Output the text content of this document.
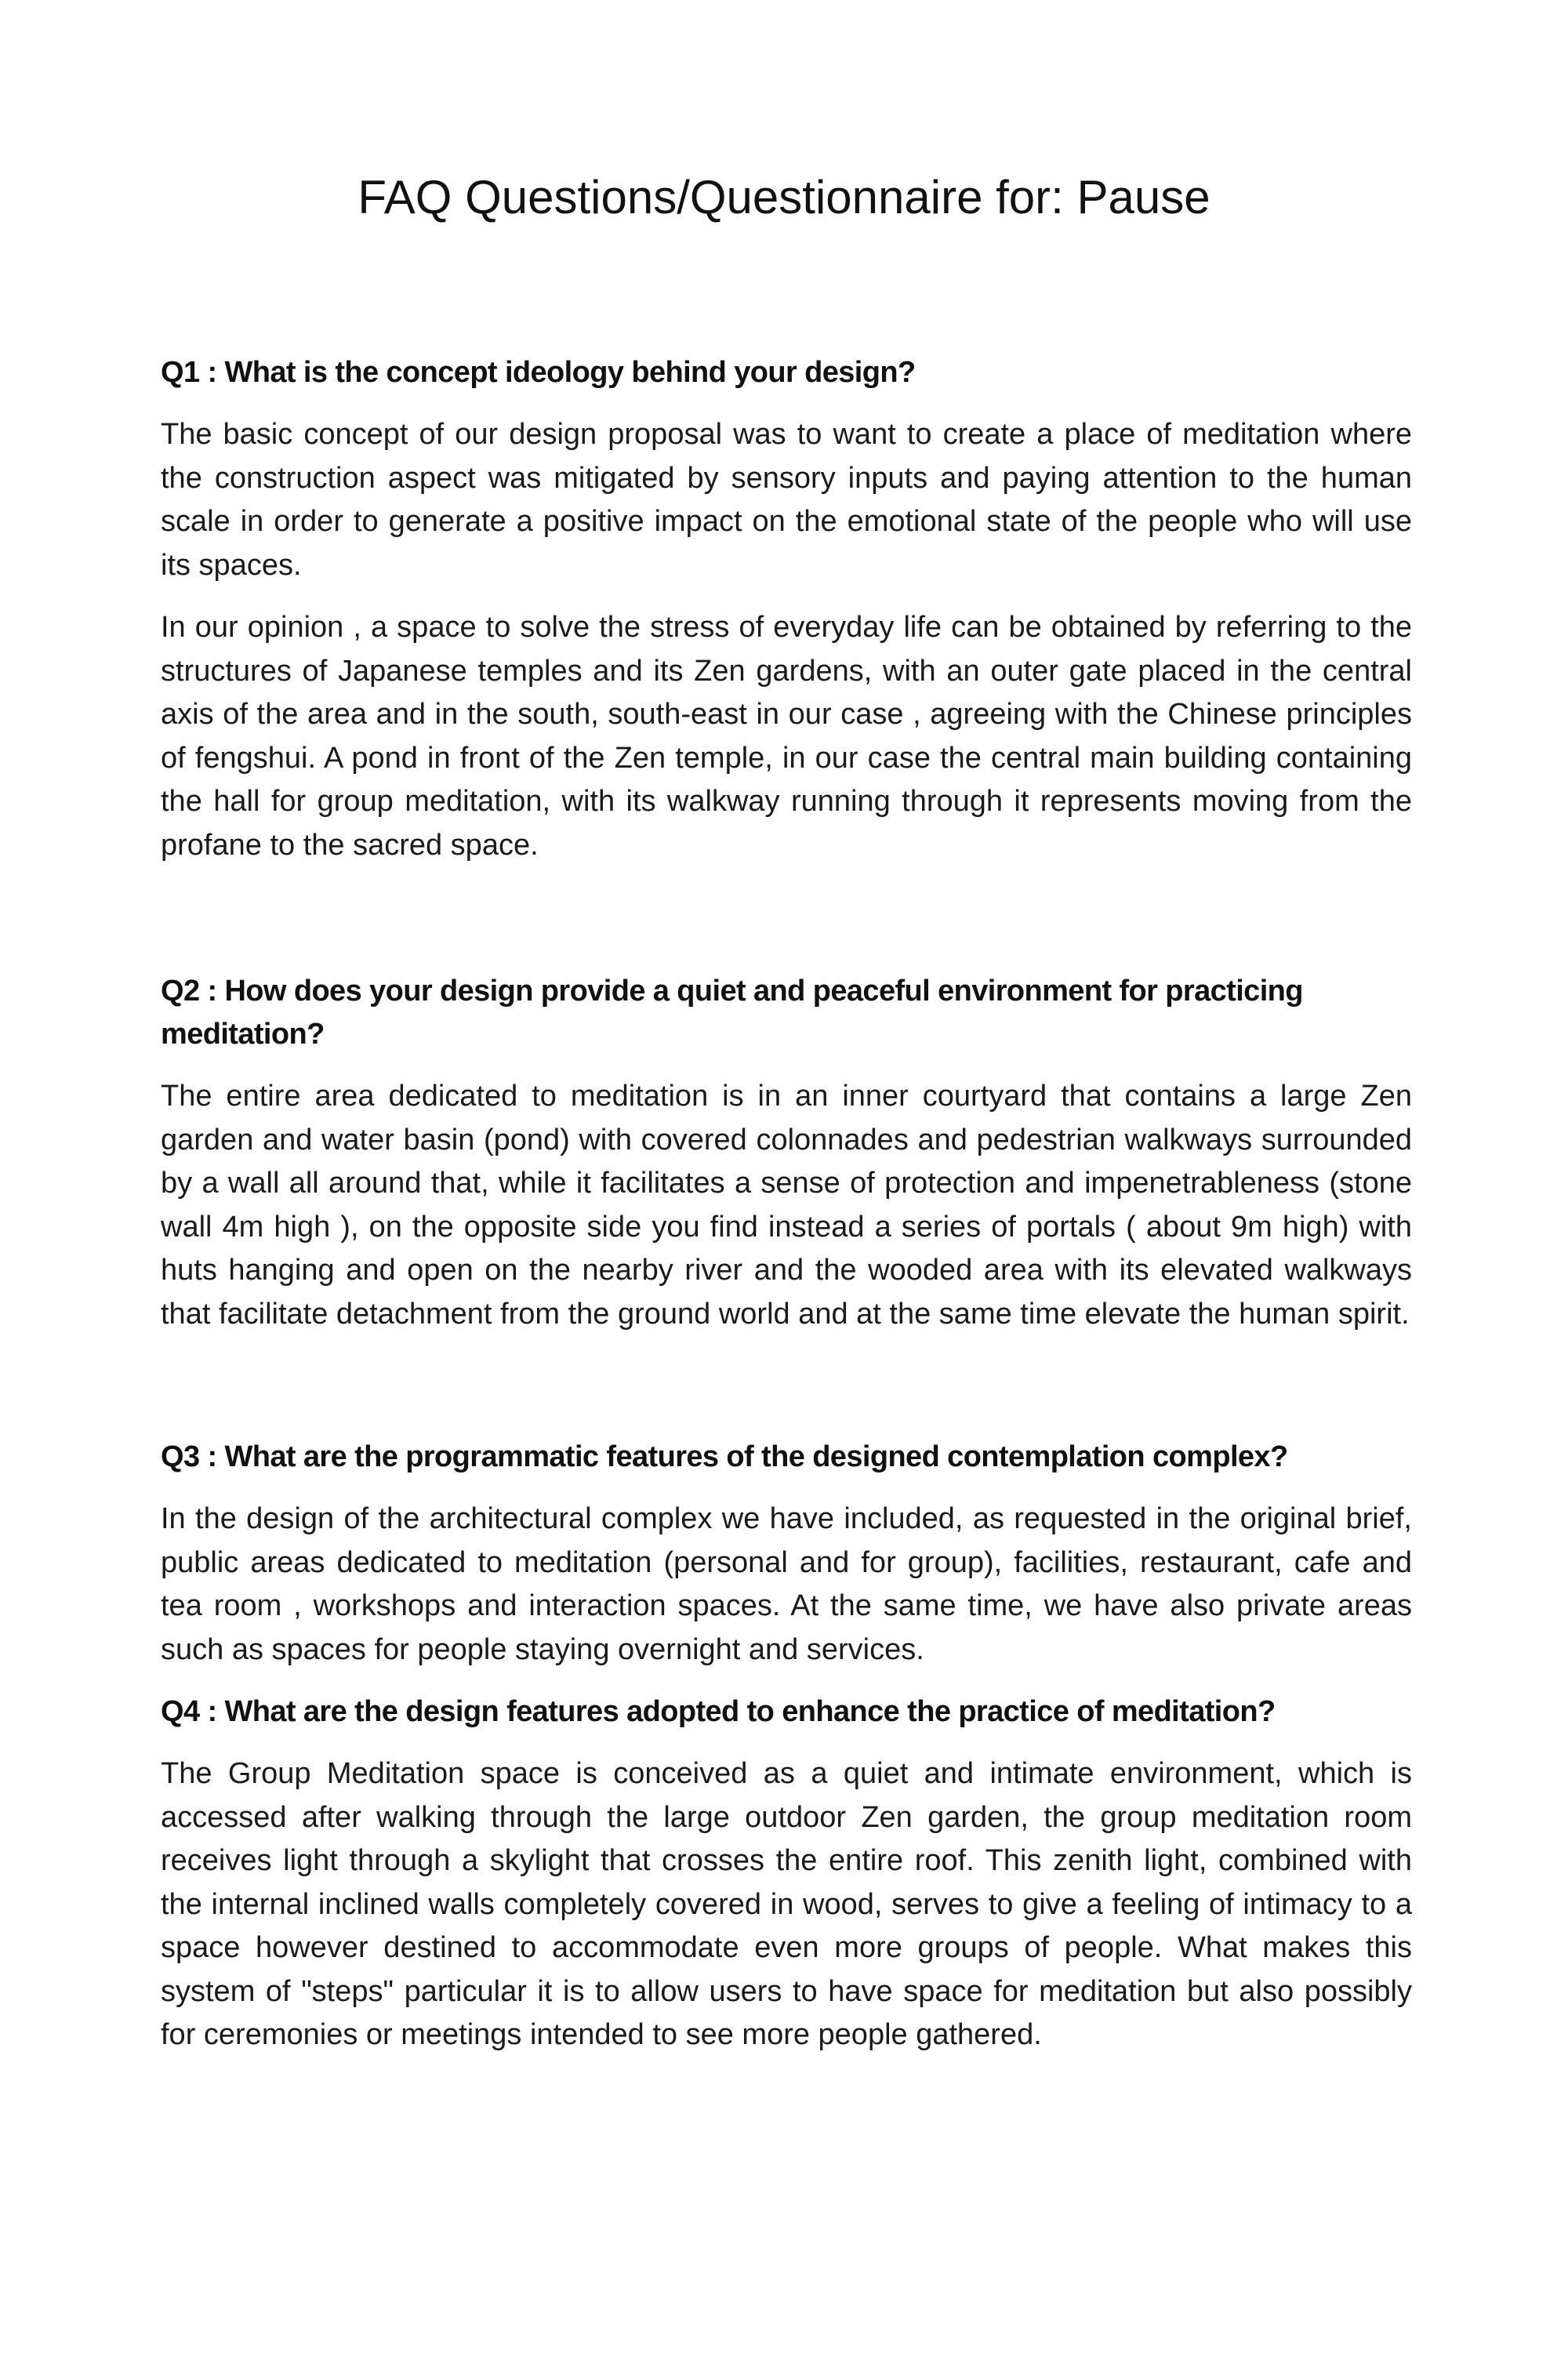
FAQ Questions/Questionnaire for: Pause

Q1 : What is the concept ideology behind your design?

The basic concept of our design proposal was to want to create a place of meditation where the construction aspect was mitigated by sensory inputs and paying attention to the human scale in order to generate a positive impact on the emotional state of the people who will use its spaces.

In our opinion , a space to solve the stress of everyday life can be obtained by referring to the structures of Japanese temples and its Zen gardens, with an outer gate placed in the central axis of the area and in the south, south-east in our case , agreeing with the Chinese principles of fengshui. A pond in front of the Zen temple, in our case the central main building containing the hall for group meditation, with its walkway running through it represents moving from the profane to the sacred space.

Q2 : How does your design provide a quiet and peaceful environment for practicing meditation?

The entire area dedicated to meditation is in an inner courtyard that contains a large Zen garden and water basin (pond) with covered colonnades and pedestrian walkways surrounded by a wall all around that, while it facilitates a sense of protection and impenetrableness (stone wall 4m high ), on the opposite side you find instead a series of portals ( about 9m high) with huts hanging and open on the nearby river and the wooded area with its elevated walkways that facilitate detachment from the ground world and at the same time elevate the human spirit.

Q3 : What are the programmatic features of the designed contemplation complex?

In the design of the architectural complex we have included, as requested in the original brief, public areas dedicated to meditation (personal and for group), facilities, restaurant, cafe and tea room , workshops and interaction spaces. At the same time, we have also private areas such as spaces for people staying overnight and services.

Q4 : What are the design features adopted to enhance the practice of meditation?

The Group Meditation space is conceived as a quiet and intimate environment, which is accessed after walking through the large outdoor Zen garden, the group meditation room receives light through a skylight that crosses the entire roof. This zenith light, combined with the internal inclined walls completely covered in wood, serves to give a feeling of intimacy to a space however destined to accommodate even more groups of people. What makes this system of "steps" particular it is to allow users to have space for meditation but also possibly for ceremonies or meetings intended to see more people gathered.
